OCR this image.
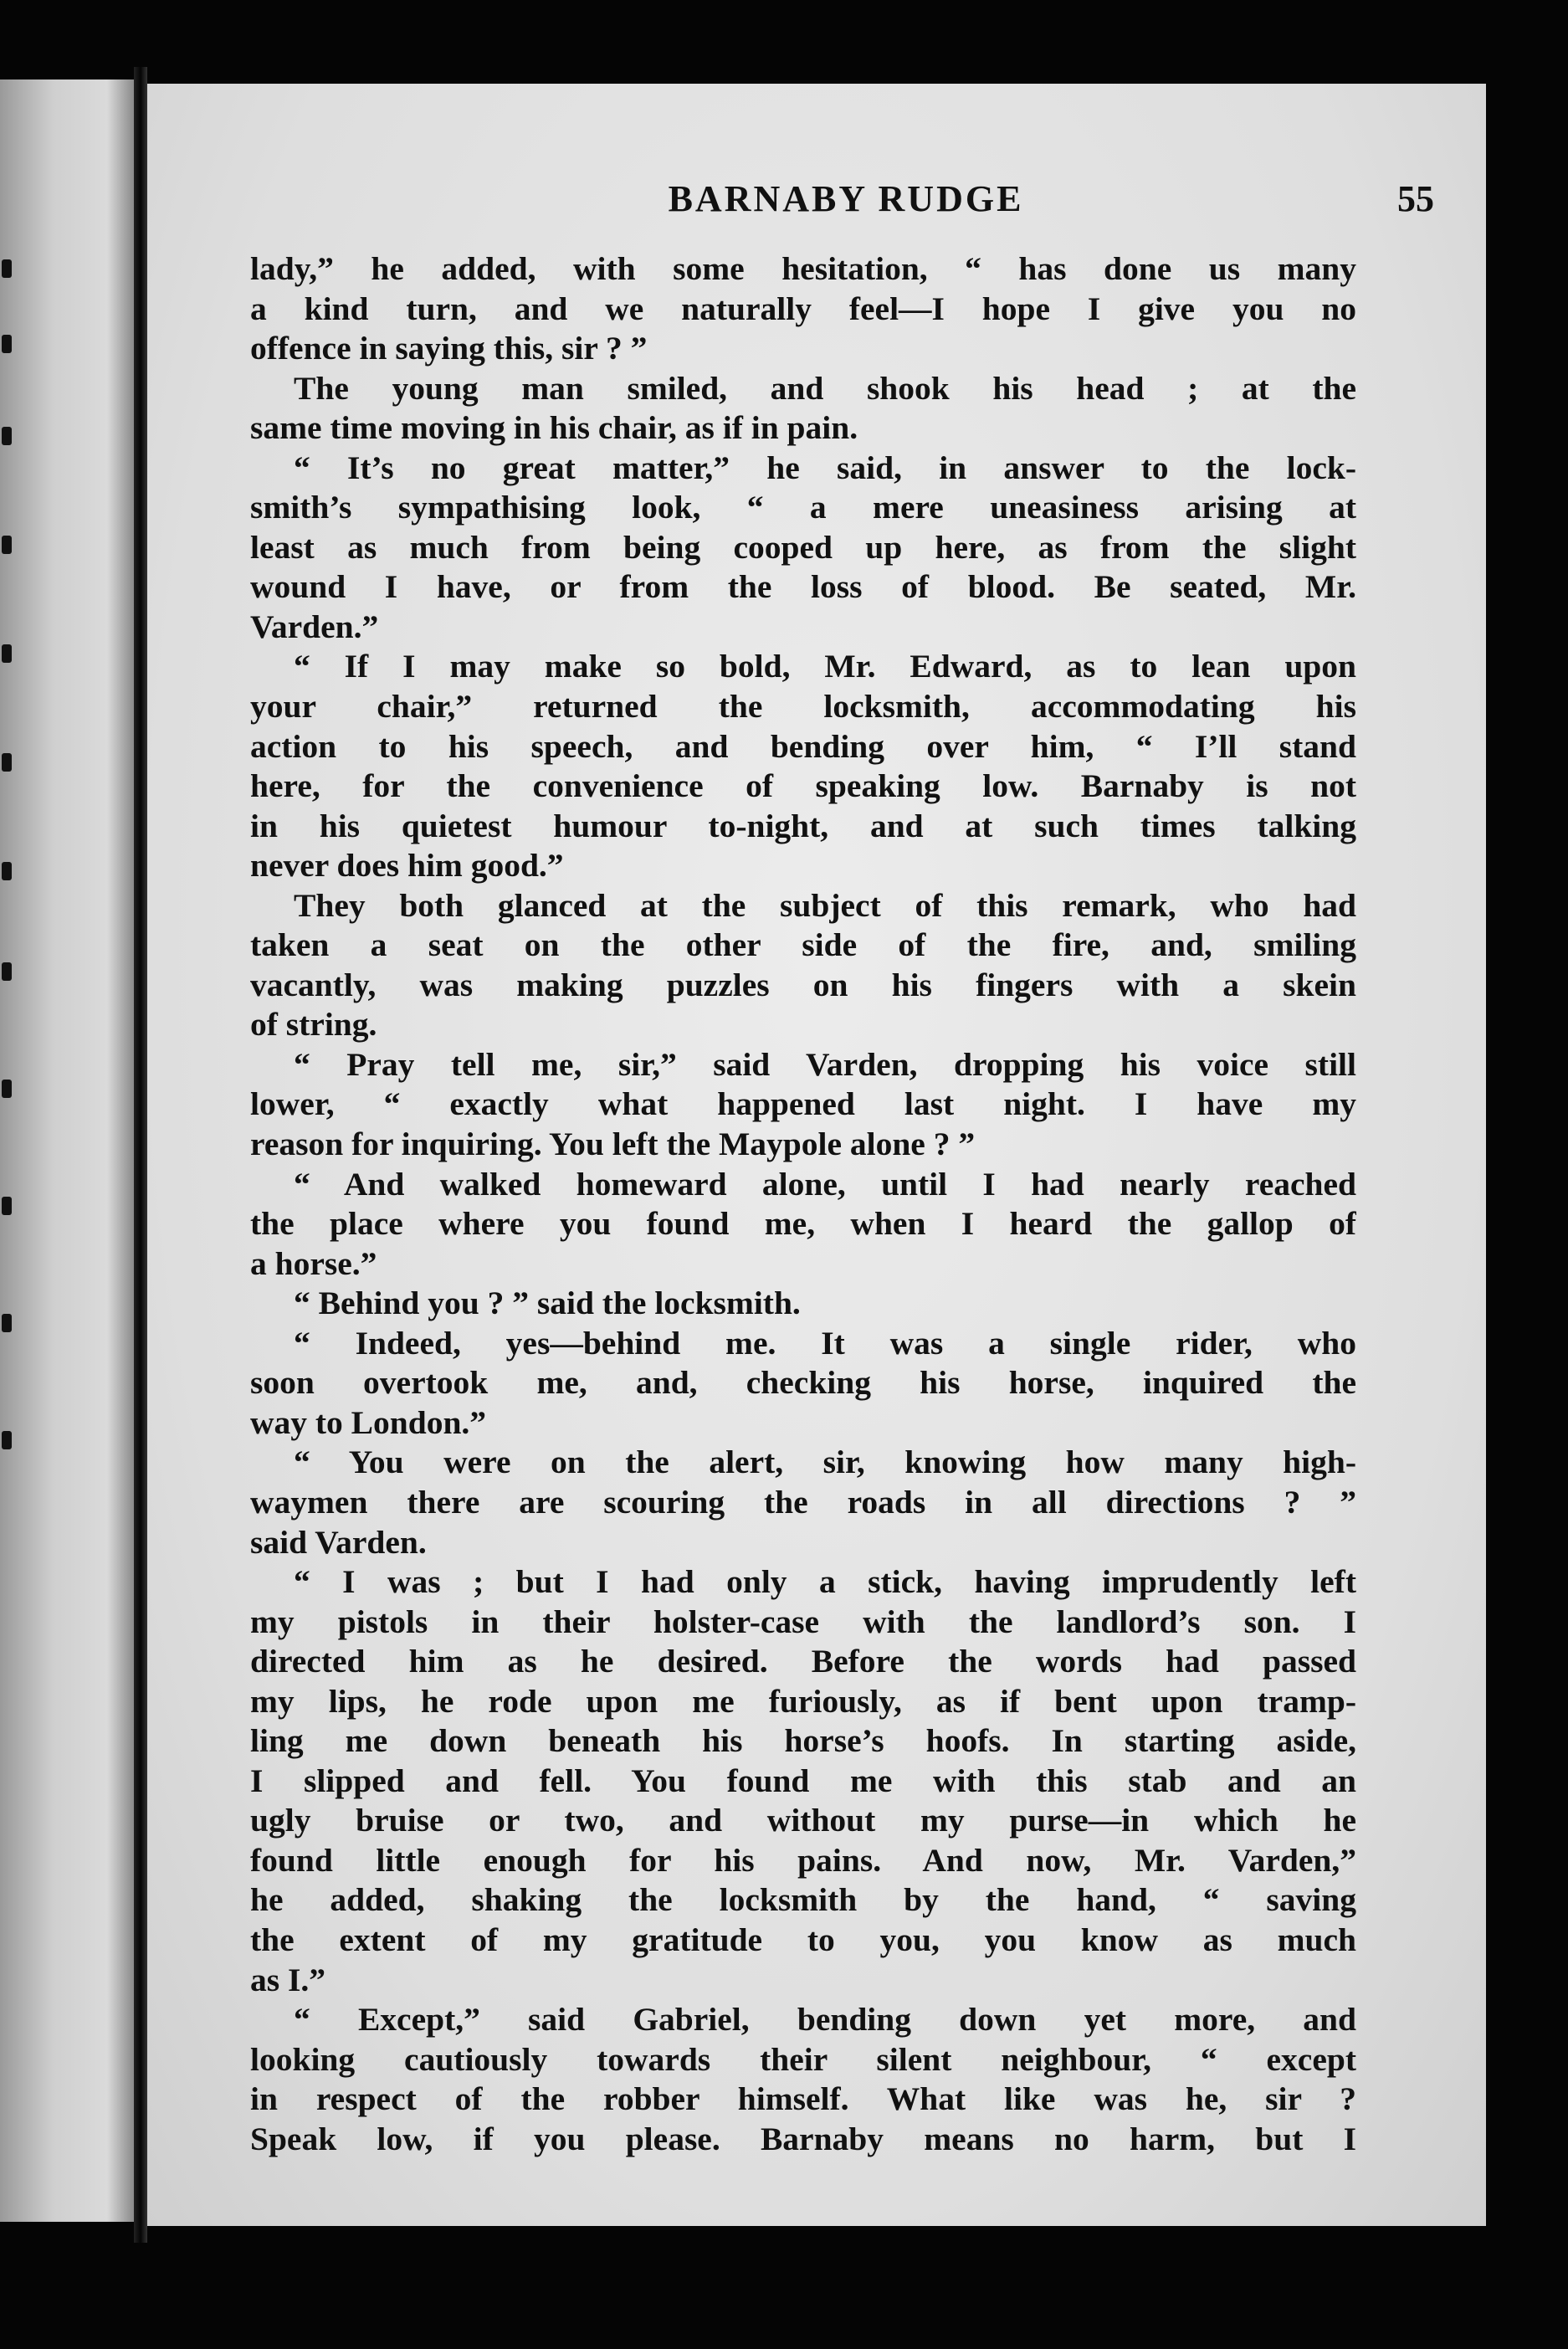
BARNABY RUDGE	55
lady,” he added, with some hesitation, “ has done us many
a kind turn, and we naturally feel—I hope I give you no
offence in saying this, sir ? ”
The young man smiled, and shook his head ; at the
same time moving in his chair, as if in pain.
“ It’s no great matter,” he said, in answer to the lock-
smith’s sympathising look, “ a mere uneasiness arising at
least as much from being cooped up here, as from the slight
wound I have, or from the loss of blood. Be seated, Mr.
Varden.”
“ If I may make so bold, Mr. Edward, as to lean upon
your chair,” returned the locksmith, accommodating his
action to his speech, and bending over him, “ I’ll stand
here, for the convenience of speaking low. Barnaby is not
in his quietest humour to-night, and at such times talking
never does him good.”
They both glanced at the subject of this remark, who had
taken a seat on the other side of the fire, and, smiling
vacantly, was making puzzles on his fingers with a skein
of string.
“ Pray tell me, sir,” said Varden, dropping his voice still
lower, “ exactly what happened last night. I have my
reason for inquiring. You left the Maypole alone ? ”
“ And walked homeward alone, until I had nearly reached
the place where you found me, when I heard the gallop of
a horse.”
“ Behind you ? ” said the locksmith.
“ Indeed, yes—behind me. It was a single rider, who
soon overtook me, and, checking his horse, inquired the
way to London.”
“ You were on the alert, sir, knowing how many high-
waymen there are scouring the roads in all directions ? ”
said Varden.
“ I was ; but I had only a stick, having imprudently left
my pistols in their holster-case with the landlord’s son. I
directed him as he desired. Before the words had passed
my lips, he rode upon me furiously, as if bent upon tramp-
ling me down beneath his horse’s hoofs. In starting aside,
I slipped and fell. You found me with this stab and an
ugly bruise or two, and without my purse—in which he
found little enough for his pains. And now, Mr. Varden,”
he added, shaking the locksmith by the hand, “ saving
the extent of my gratitude to you, you know as much
as I.”
“ Except,” said Gabriel, bending down yet more, and
looking cautiously towards their silent neighbour, “ except
in respect of the robber himself. What like was he, sir ?
Speak low, if you please. Barnaby means no harm, but I
